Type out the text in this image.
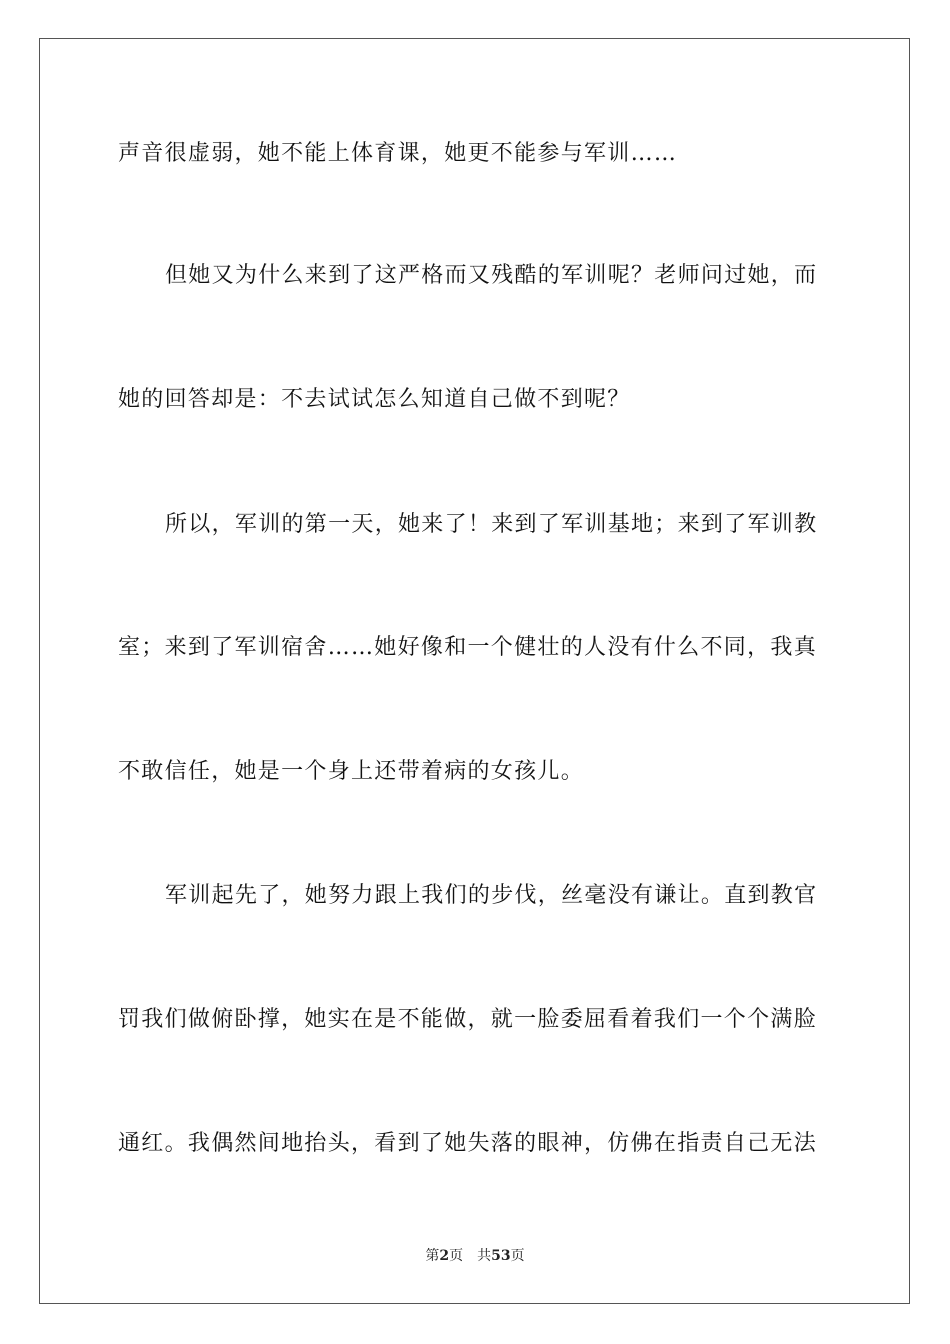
声音很虚弱，她不能上体育课，她更不能参与军训……
但她又为什么来到了这严格而又残酷的军训呢？老师问过她，而
她的回答却是：不去试试怎么知道自己做不到呢？
所以，军训的第一天，她来了！来到了军训基地；来到了军训教
室；来到了军训宿舍……她好像和一个健壮的人没有什么不同，我真
不敢信任，她是一个身上还带着病的女孩儿。
军训起先了，她努力跟上我们的步伐，丝毫没有谦让。直到教官
罚我们做俯卧撑，她实在是不能做，就一脸委屈看着我们一个个满脸
通红。我偶然间地抬头，看到了她失落的眼神，仿佛在指责自己无法
第2页 共53页
